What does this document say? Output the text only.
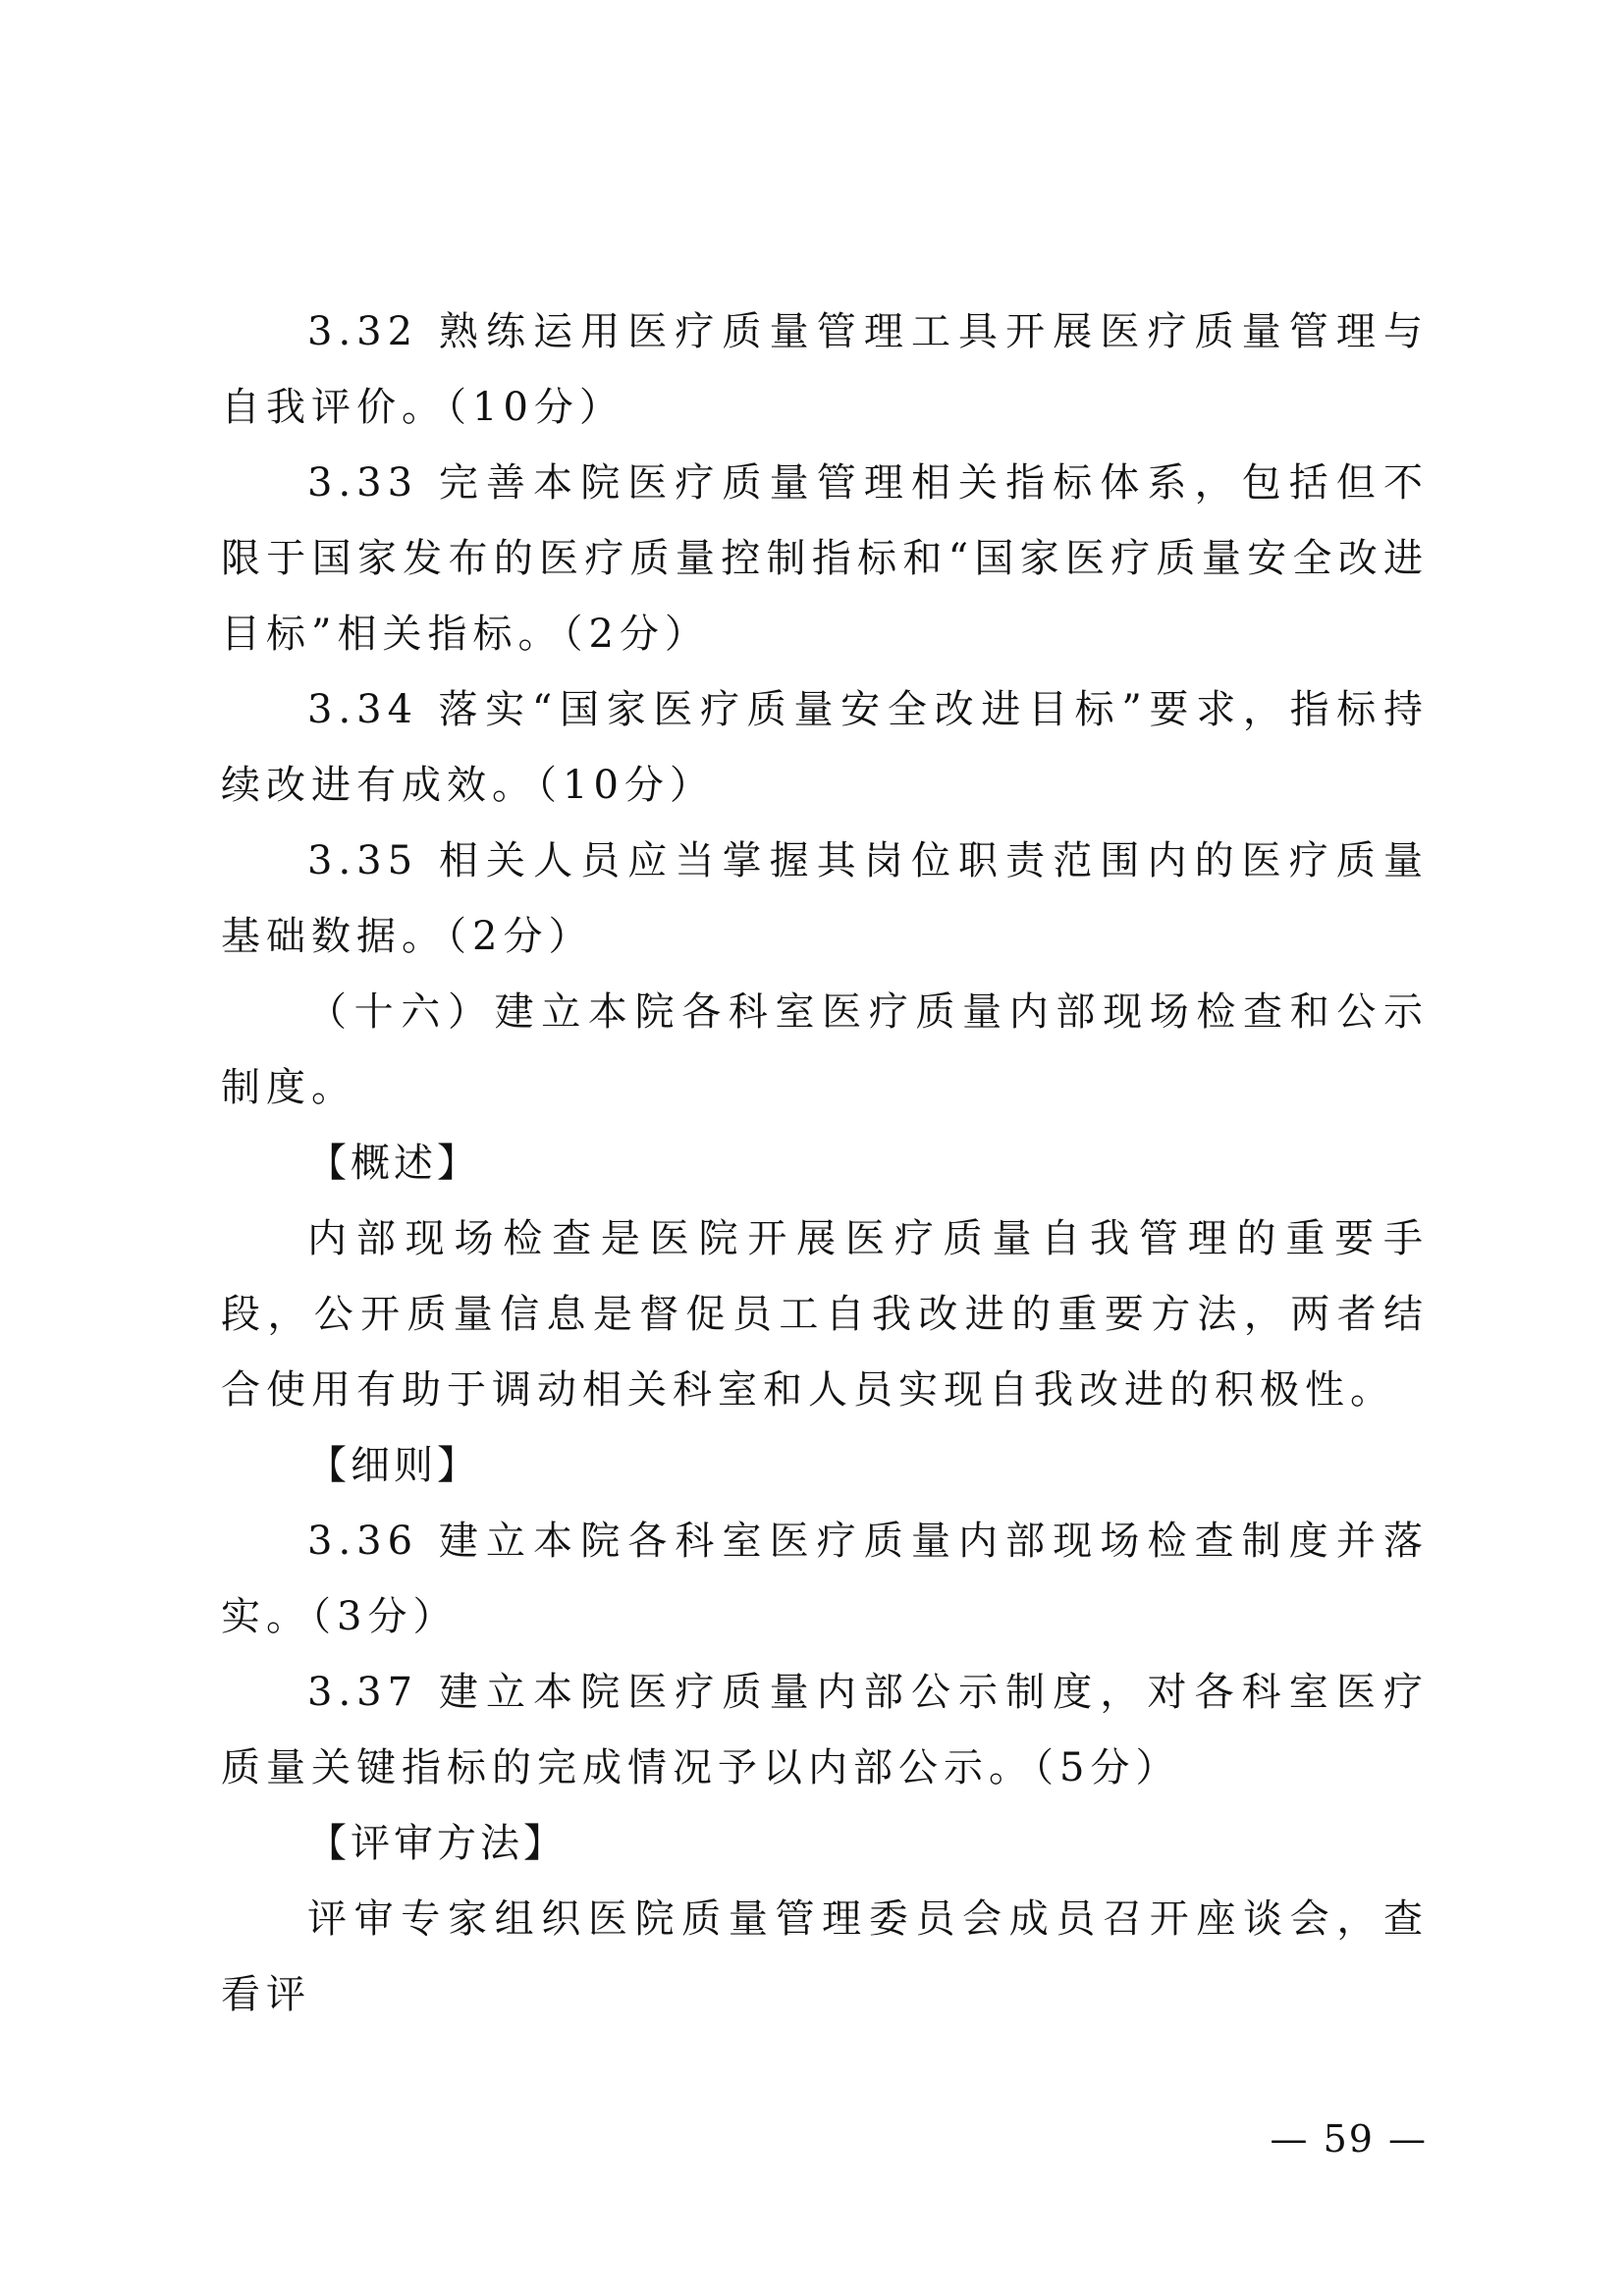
3.32 熟练运用医疗质量管理工具开展医疗质量管理与自我评价。（10分）

3.33 完善本院医疗质量管理相关指标体系，包括但不限于国家发布的医疗质量控制指标和“国家医疗质量安全改进目标”相关指标。（2分）

3.34 落实“国家医疗质量安全改进目标”要求，指标持续改进有成效。（10分）

3.35 相关人员应当掌握其岗位职责范围内的医疗质量基础数据。（2分）

（十六）建立本院各科室医疗质量内部现场检查和公示制度。

【概述】

内部现场检查是医院开展医疗质量自我管理的重要手段，公开质量信息是督促员工自我改进的重要方法，两者结合使用有助于调动相关科室和人员实现自我改进的积极性。

【细则】

3.36 建立本院各科室医疗质量内部现场检查制度并落实。（3分）

3.37 建立本院医疗质量内部公示制度，对各科室医疗质量关键指标的完成情况予以内部公示。（5分）

【评审方法】

评审专家组织医院质量管理委员会成员召开座谈会，查看评

— 59 —
